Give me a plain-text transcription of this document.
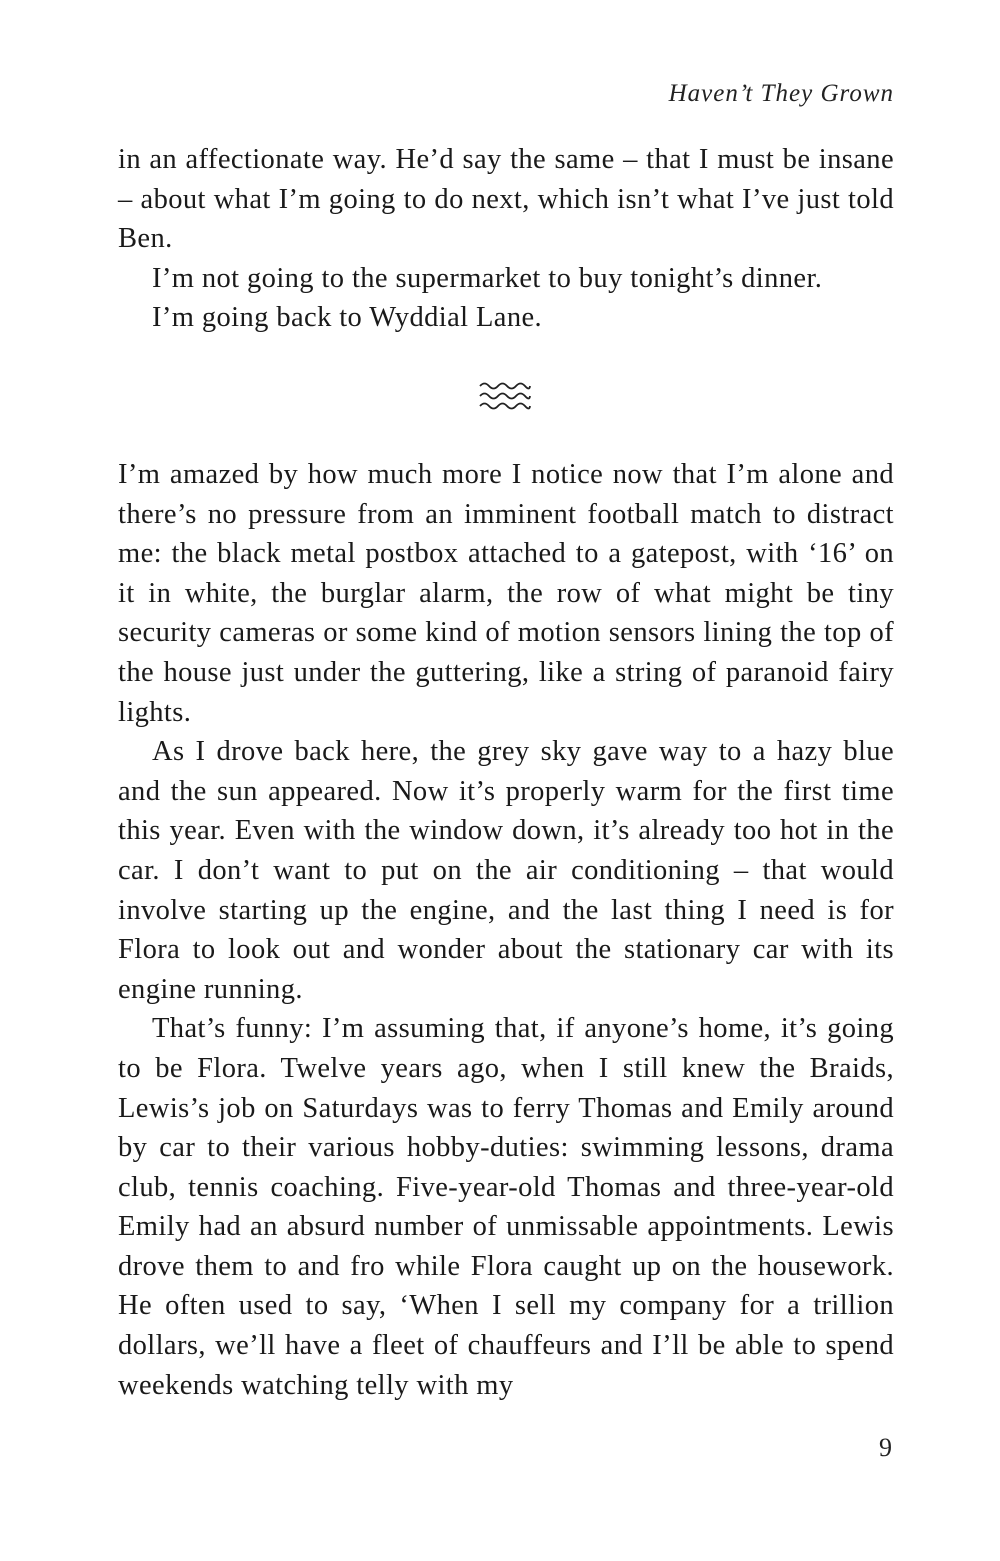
Haven’t They Grown

in an affectionate way. He’d say the same – that I must be insane – about what I’m going to do next, which isn’t what I’ve just told Ben.

I’m not going to the supermarket to buy tonight’s dinner.

I’m going back to Wyddial Lane.

I’m amazed by how much more I notice now that I’m alone and there’s no pressure from an imminent football match to distract me: the black metal postbox attached to a gatepost, with ‘16’ on it in white, the burglar alarm, the row of what might be tiny security cameras or some kind of motion sensors lining the top of the house just under the guttering, like a string of paranoid fairy lights.

As I drove back here, the grey sky gave way to a hazy blue and the sun appeared. Now it’s properly warm for the first time this year. Even with the window down, it’s already too hot in the car. I don’t want to put on the air conditioning – that would involve starting up the engine, and the last thing I need is for Flora to look out and wonder about the stationary car with its engine running.

That’s funny: I’m assuming that, if anyone’s home, it’s going to be Flora. Twelve years ago, when I still knew the Braids, Lewis’s job on Saturdays was to ferry Thomas and Emily around by car to their various hobby-duties: swimming lessons, drama club, tennis coaching. Five-year-old Thomas and three-year-old Emily had an absurd number of unmissable appointments. Lewis drove them to and fro while Flora caught up on the housework. He often used to say, ‘When I sell my company for a trillion dollars, we’ll have a fleet of chauffeurs and I’ll be able to spend weekends watching telly with my

9
